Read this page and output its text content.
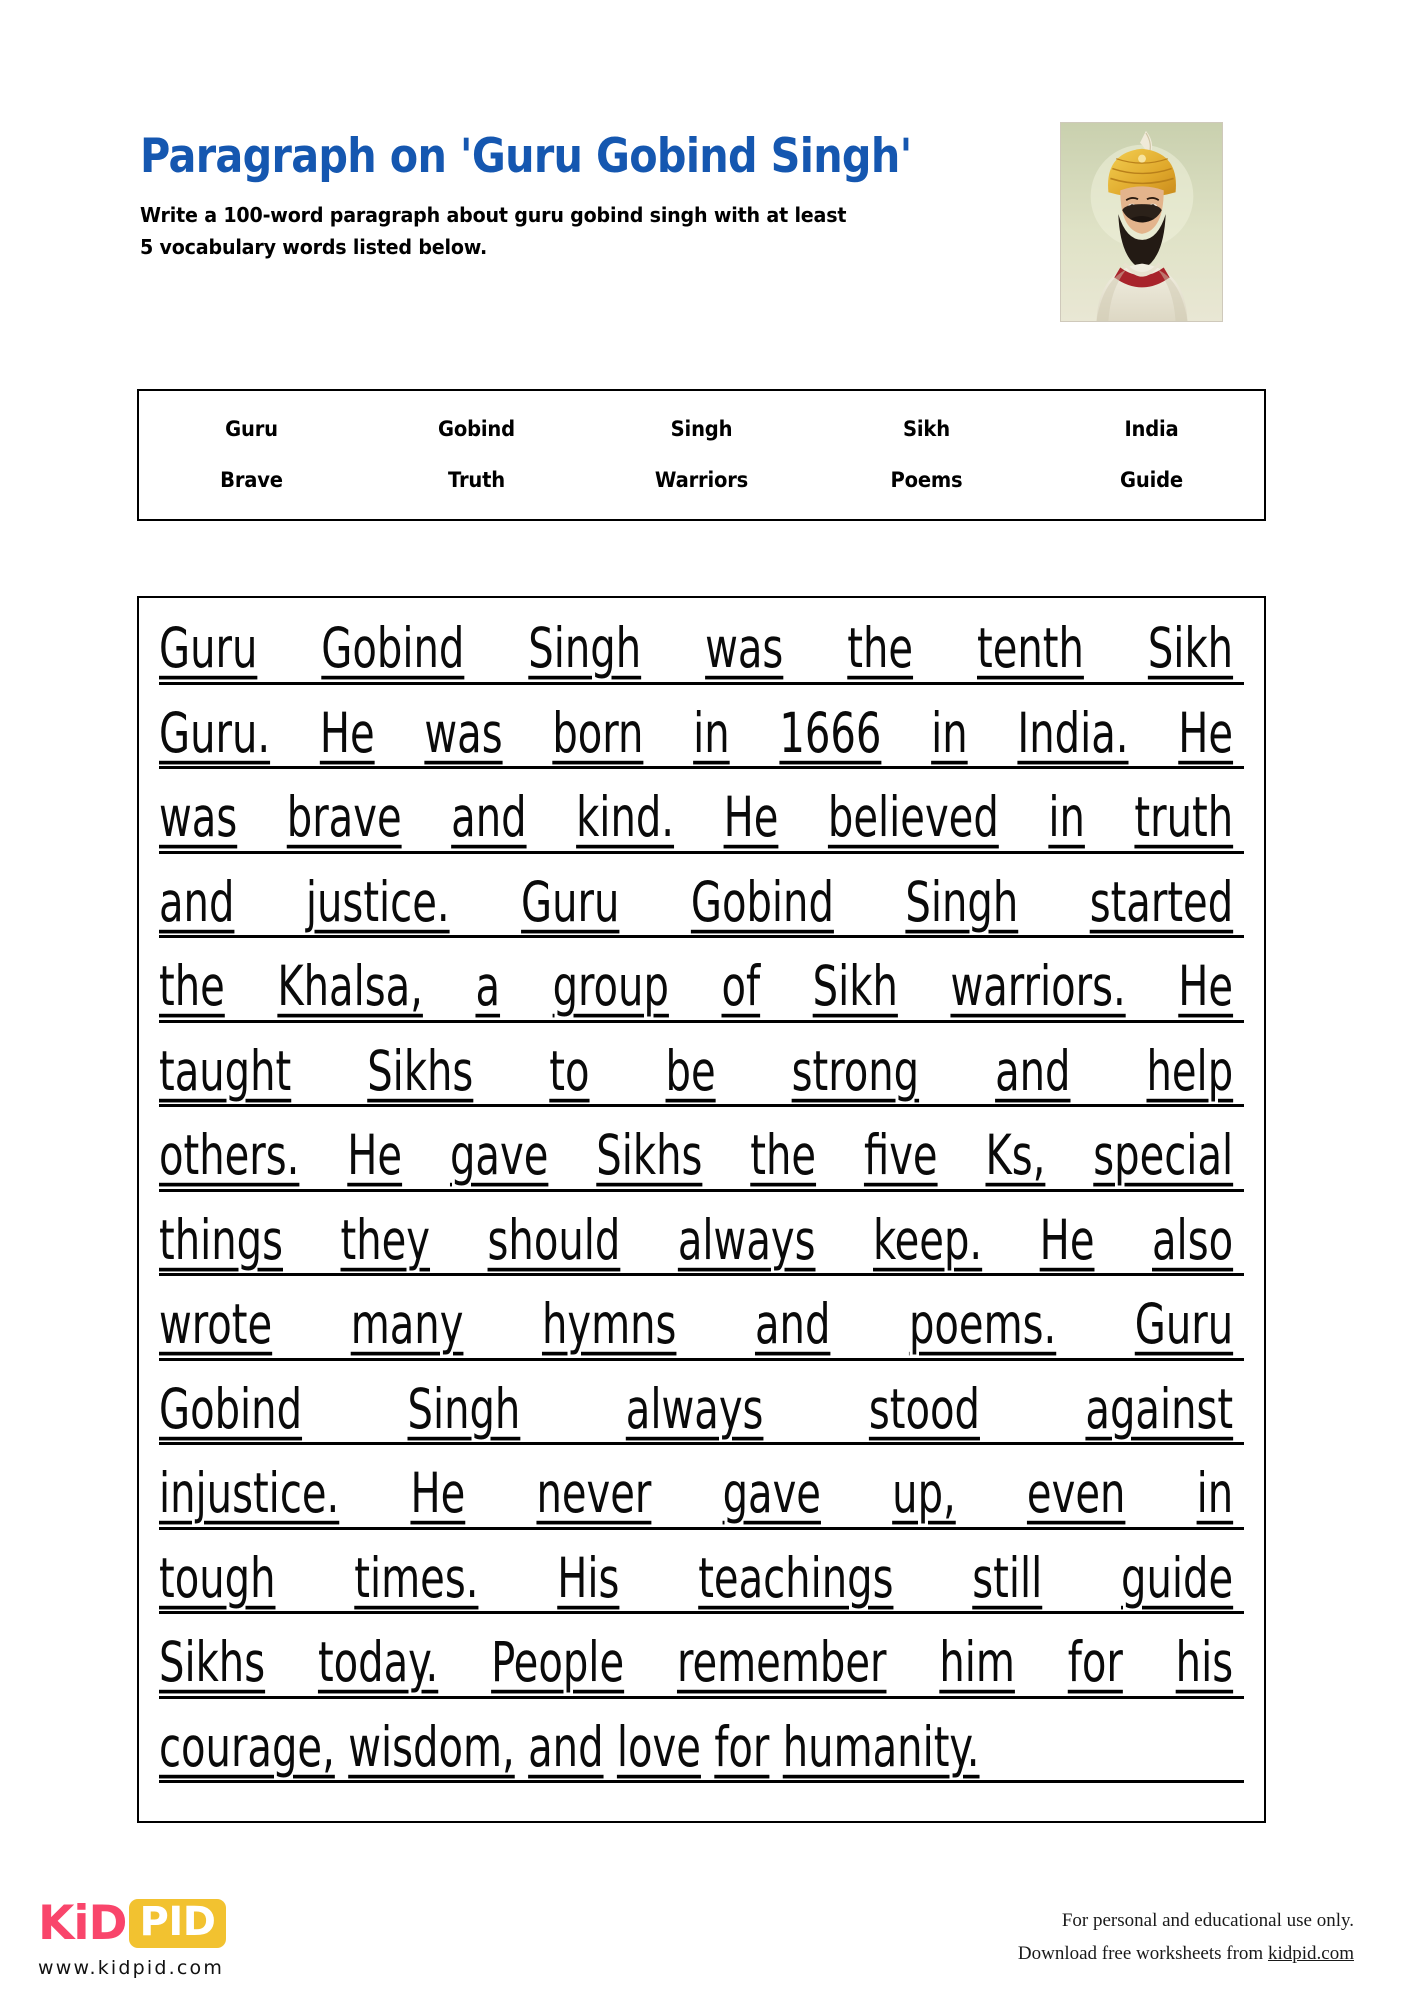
Paragraph on 'Guru Gobind Singh'
Write a 100-word paragraph about guru gobind singh with at least 5 vocabulary words listed below.
Guru	Gobind	Singh	Sikh	India
Brave	Truth	Warriors	Poems	Guide
Guru Gobind Singh was the tenth Sikh
Guru. He was born in 1666 in India. He
was brave and kind. He believed in truth
and justice. Guru Gobind Singh started
the Khalsa, a group of Sikh warriors. He
taught Sikhs to be strong and help
others. He gave Sikhs the five Ks, special
things they should always keep. He also
wrote many hymns and poems. Guru
Gobind Singh always stood against
injustice. He never gave up, even in
tough times. His teachings still guide
Sikhs today. People remember him for his
courage, wisdom, and love for humanity.
KiD PID
www.kidpid.com
For personal and educational use only.
Download free worksheets from kidpid.com
